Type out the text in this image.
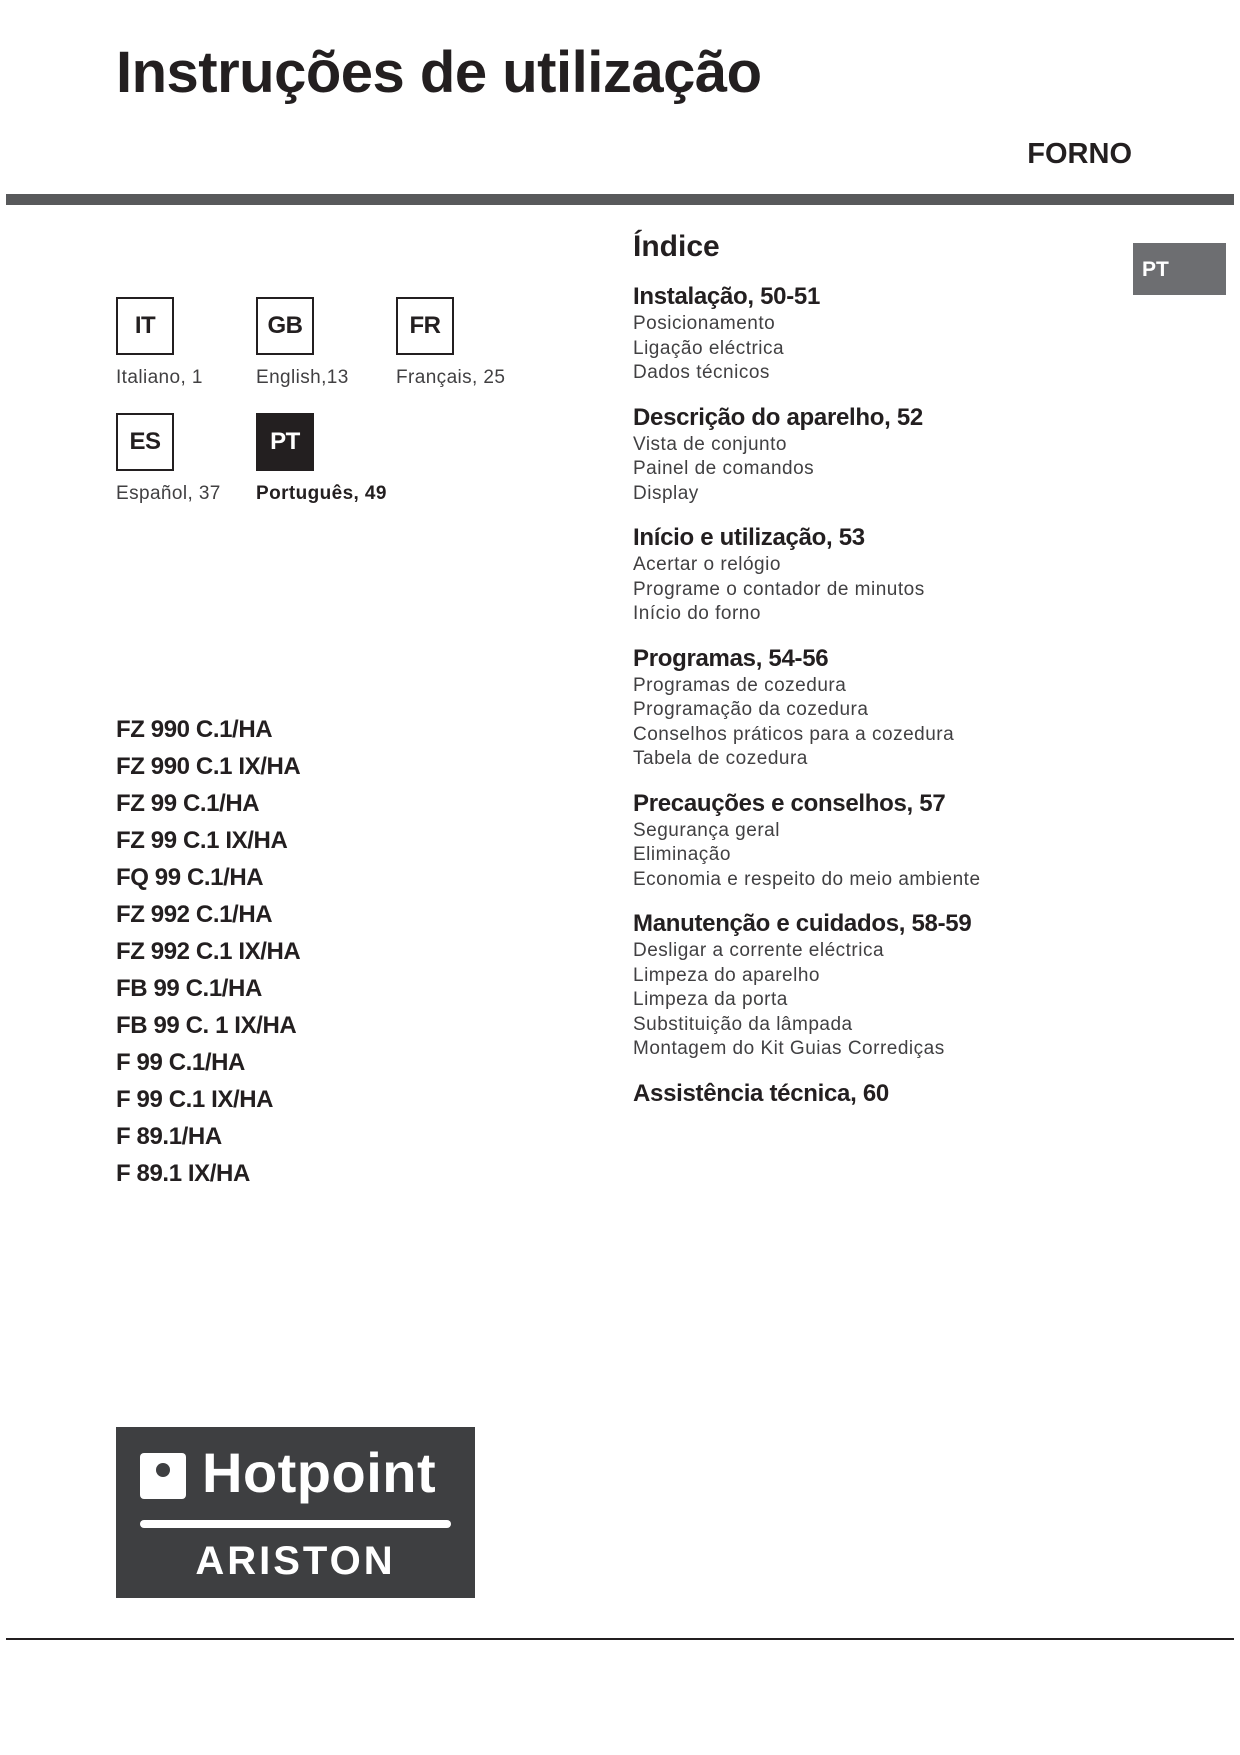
Instruções de utilização
FORNO
PT
IT
Italiano, 1
GB
English,13
FR
Français, 25
ES
Español, 37
PT
Português, 49
FZ 990 C.1/HA
FZ 990 C.1 IX/HA
FZ 99 C.1/HA
FZ 99 C.1 IX/HA
FQ 99 C.1/HA
FZ 992 C.1/HA
FZ 992 C.1 IX/HA
FB 99 C.1/HA
FB 99 C. 1 IX/HA
F 99 C.1/HA
F 99 C.1 IX/HA
F 89.1/HA
F 89.1 IX/HA
Índice
Instalação, 50-51
Posicionamento
Ligação eléctrica
Dados técnicos
Descrição do aparelho, 52
Vista de conjunto
Painel de comandos
Display
Início e utilização, 53
Acertar o relógio
Programe o contador de minutos
Início do forno
Programas, 54-56
Programas de cozedura
Programação da cozedura
Conselhos práticos para a cozedura
Tabela de cozedura
Precauções e conselhos, 57
Segurança geral
Eliminação
Economia e respeito do meio ambiente
Manutenção e cuidados, 58-59
Desligar a corrente eléctrica
Limpeza do aparelho
Limpeza da porta
Substituição da lâmpada
Montagem do Kit Guias Corrediças
Assistência técnica, 60
Hotpoint
ARISTON
